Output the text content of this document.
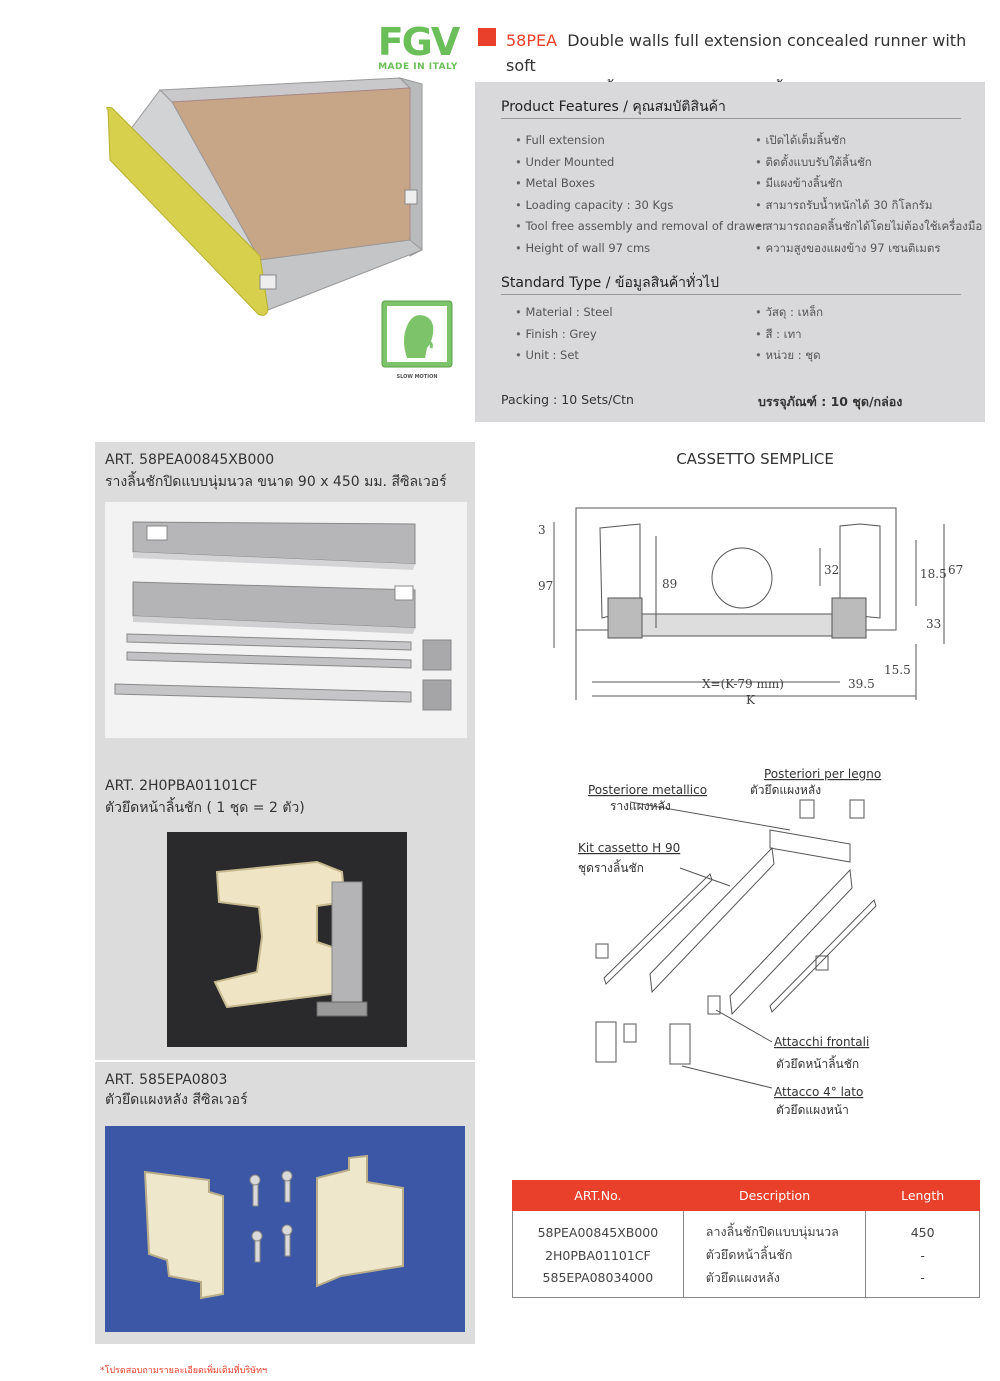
FGV
MADE IN ITALY
SLOW MOTION
58PEA Double walls full extension concealed runner with soft
Product Features / คุณสมบัติสินค้า
• Full extension
• Under Mounted
• Metal Boxes
• Loading capacity : 30 Kgs
• Tool free assembly and removal of drawer
• Height of wall 97 cms
• เปิดได้เต็มลิ้นชัก
• ติดตั้งแบบรับใต้ลิ้นชัก
• มีแผงข้างลิ้นชัก
• สามารถรับน้ำหนักได้ 30 กิโลกรัม
• สามารถถอดลิ้นชักได้โดยไม่ต้องใช้เครื่องมือ
• ความสูงของแผงข้าง 97 เซนติเมตร
Standard Type / ข้อมูลสินค้าทั่วไป
• Material : Steel
• Finish : Grey
• Unit : Set
• วัสดุ : เหล็ก
• สี : เทา
• หน่วย : ชุด
Packing : 10 Sets/Ctn	บรรจุภัณฑ์ : 10 ชุด/กล่อง
ART. 58PEA00845XB000
รางลิ้นชักปิดแบบนุ่มนวล ขนาด 90 x 450 มม. สีซิลเวอร์
ART. 2H0PBA01101CF
ตัวยึดหน้าลิ้นชัก ( 1 ชุด = 2 ตัว)
ART. 585EPA0803
ตัวยึดแผงหลัง สีซิลเวอร์
CASSETTO SEMPLICE
3
97	89
32	18.5 67
33
15.5
39.5
X=(K-79 mm)
K
Posteriore metallico
รางแผงหลัง
Posteriori per legno
ตัวยึดแผงหลัง
Kit cassetto H 90
ชุดรางลิ้นชัก
Attacchi frontali
ตัวยึดหน้าลิ้นชัก
Attacco 4° lato
ตัวยึดแผงหน้า
ART.No.	Description	Length
58PEA00845XB000	ลางลิ้นชักปิดแบบนุ่มนวล	450
2H0PBA01101CF	ตัวยึดหน้าลิ้นชัก	-
585EPA08034000	ตัวยึดแผงหลัง	-
*โปรดสอบถามรายละเอียดเพิ่มเติมที่บริษัทฯ
